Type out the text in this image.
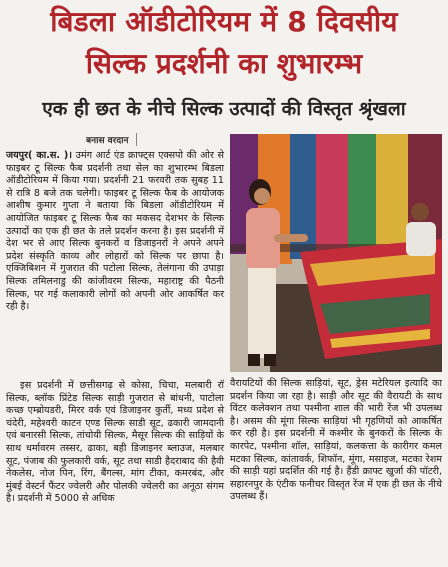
बिडला ऑडीटोरियम में 8 दिवसीय
सिल्क प्रदर्शनी का शुभारम्भ
एक ही छत के नीचे सिल्क उत्पादों की विस्तृत श्रृंखला
बनास वरदान

जयपुर( का.स. )। उमंग आर्ट एंड क्राफ्ट्स एक्सपो की ओर से फाइबर टू सिल्क फैब प्रदर्शनी तथा सेल का शुभारम्भ बिडला ऑडीटोरियम में किया गया। प्रदर्शनी 21 फरवरी तक सुबह 11 से रात्रि 8 बजे तक चलेगी। फाइबर टू सिल्क फैब के आयोजक आशीष कुमार गुप्ता ने बताया कि बिडला ऑडीटोरियम में आयोजित फाइबर टू सिल्क फैब का मकसद देशभर के सिल्क उत्पादों का एक ही छत के तले प्रदर्शन करना है। इस प्रदर्शनी में देश भर से आए सिल्क बुनकरों व डिजाइनरों ने अपने अपने प्रदेश संस्कृति काव्य और लोहारों को सिल्क पर छापा है। एक्जिबिशन में गुजरात की पटोला सिल्क, तेलंगाना की उपाड़ा सिल्क तमिलनाडु की कांजीवरम सिल्क, महाराष्ट्र की पैठनी सिल्क, पर गई कलाकारी लोगों को अपनी ओर आकर्षित कर रही है।

इस प्रदर्शनी में छत्तीसगढ़ से कोसा, चिचा, मलबारी रॉ सिल्क, ब्लॉक प्रिंटेड सिल्क साड़ी गुजरात से बांधनी, पाटोला कच्छ एम्ब्रोयडरी, मिरर वर्क एवं डिजाइनर कुर्ती, मध्य प्रदेश से चंदेरी, महेश्वरी काटन एण्ड सिल्क साडी सूट, ढकारी जामदानी एवं बनारसी सिल्क, तांचोयी सिल्क, मैसूर सिल्क की साड़ियों के साथ धर्मावरम तस्सर, ढाका, बही डिजाइनर ब्लाउज, मलबार सूट, पंजाब की फुलकारी वर्क, सूट तथा साडी हैदराबाद की हैवी नेकलेस, नोज पिन, रिंग, बैंगल्स, मांग टीका, कमरबंद, और मुंबई वेस्टर्न फैंटर ज्वेलरी और पोलकी ज्वेलरी का अनूठा संगम है। प्रदर्शनी में 5000 से अधिक

वैरायटियों की सिल्क साड़ियां, सूट, ड्रेस मटेरियल इत्यादि का प्रदर्शन किया जा रहा है। साड़ी और सूट की वैरायटी के साथ विंटर कलेक्शन तथा पश्मीना शाल की भारी रेंज भी उपलब्ध है। असम की मूंगा सिल्क साड़ियां भी गृहणियों को आकर्षित कर रही है। इस प्रदर्शनी में कश्मीर के बुनकरों के सिल्क के कारपेट, पश्मीना शॉल, साड़ियां, कलकत्ता के कारीगर कमल मटका सिल्क, कांतावर्क, शिफॉन, मूंगा, मसाइज, मटका रेशम की साड़ी यहां प्रदर्शित की गई है। हैंडी क्राफ्ट खुर्जा की पॉटरी, सहारनपुर के एंटीक फनीचर विस्तृत रेंज में एक ही छत के नीचे उपलब्ध हैं।
